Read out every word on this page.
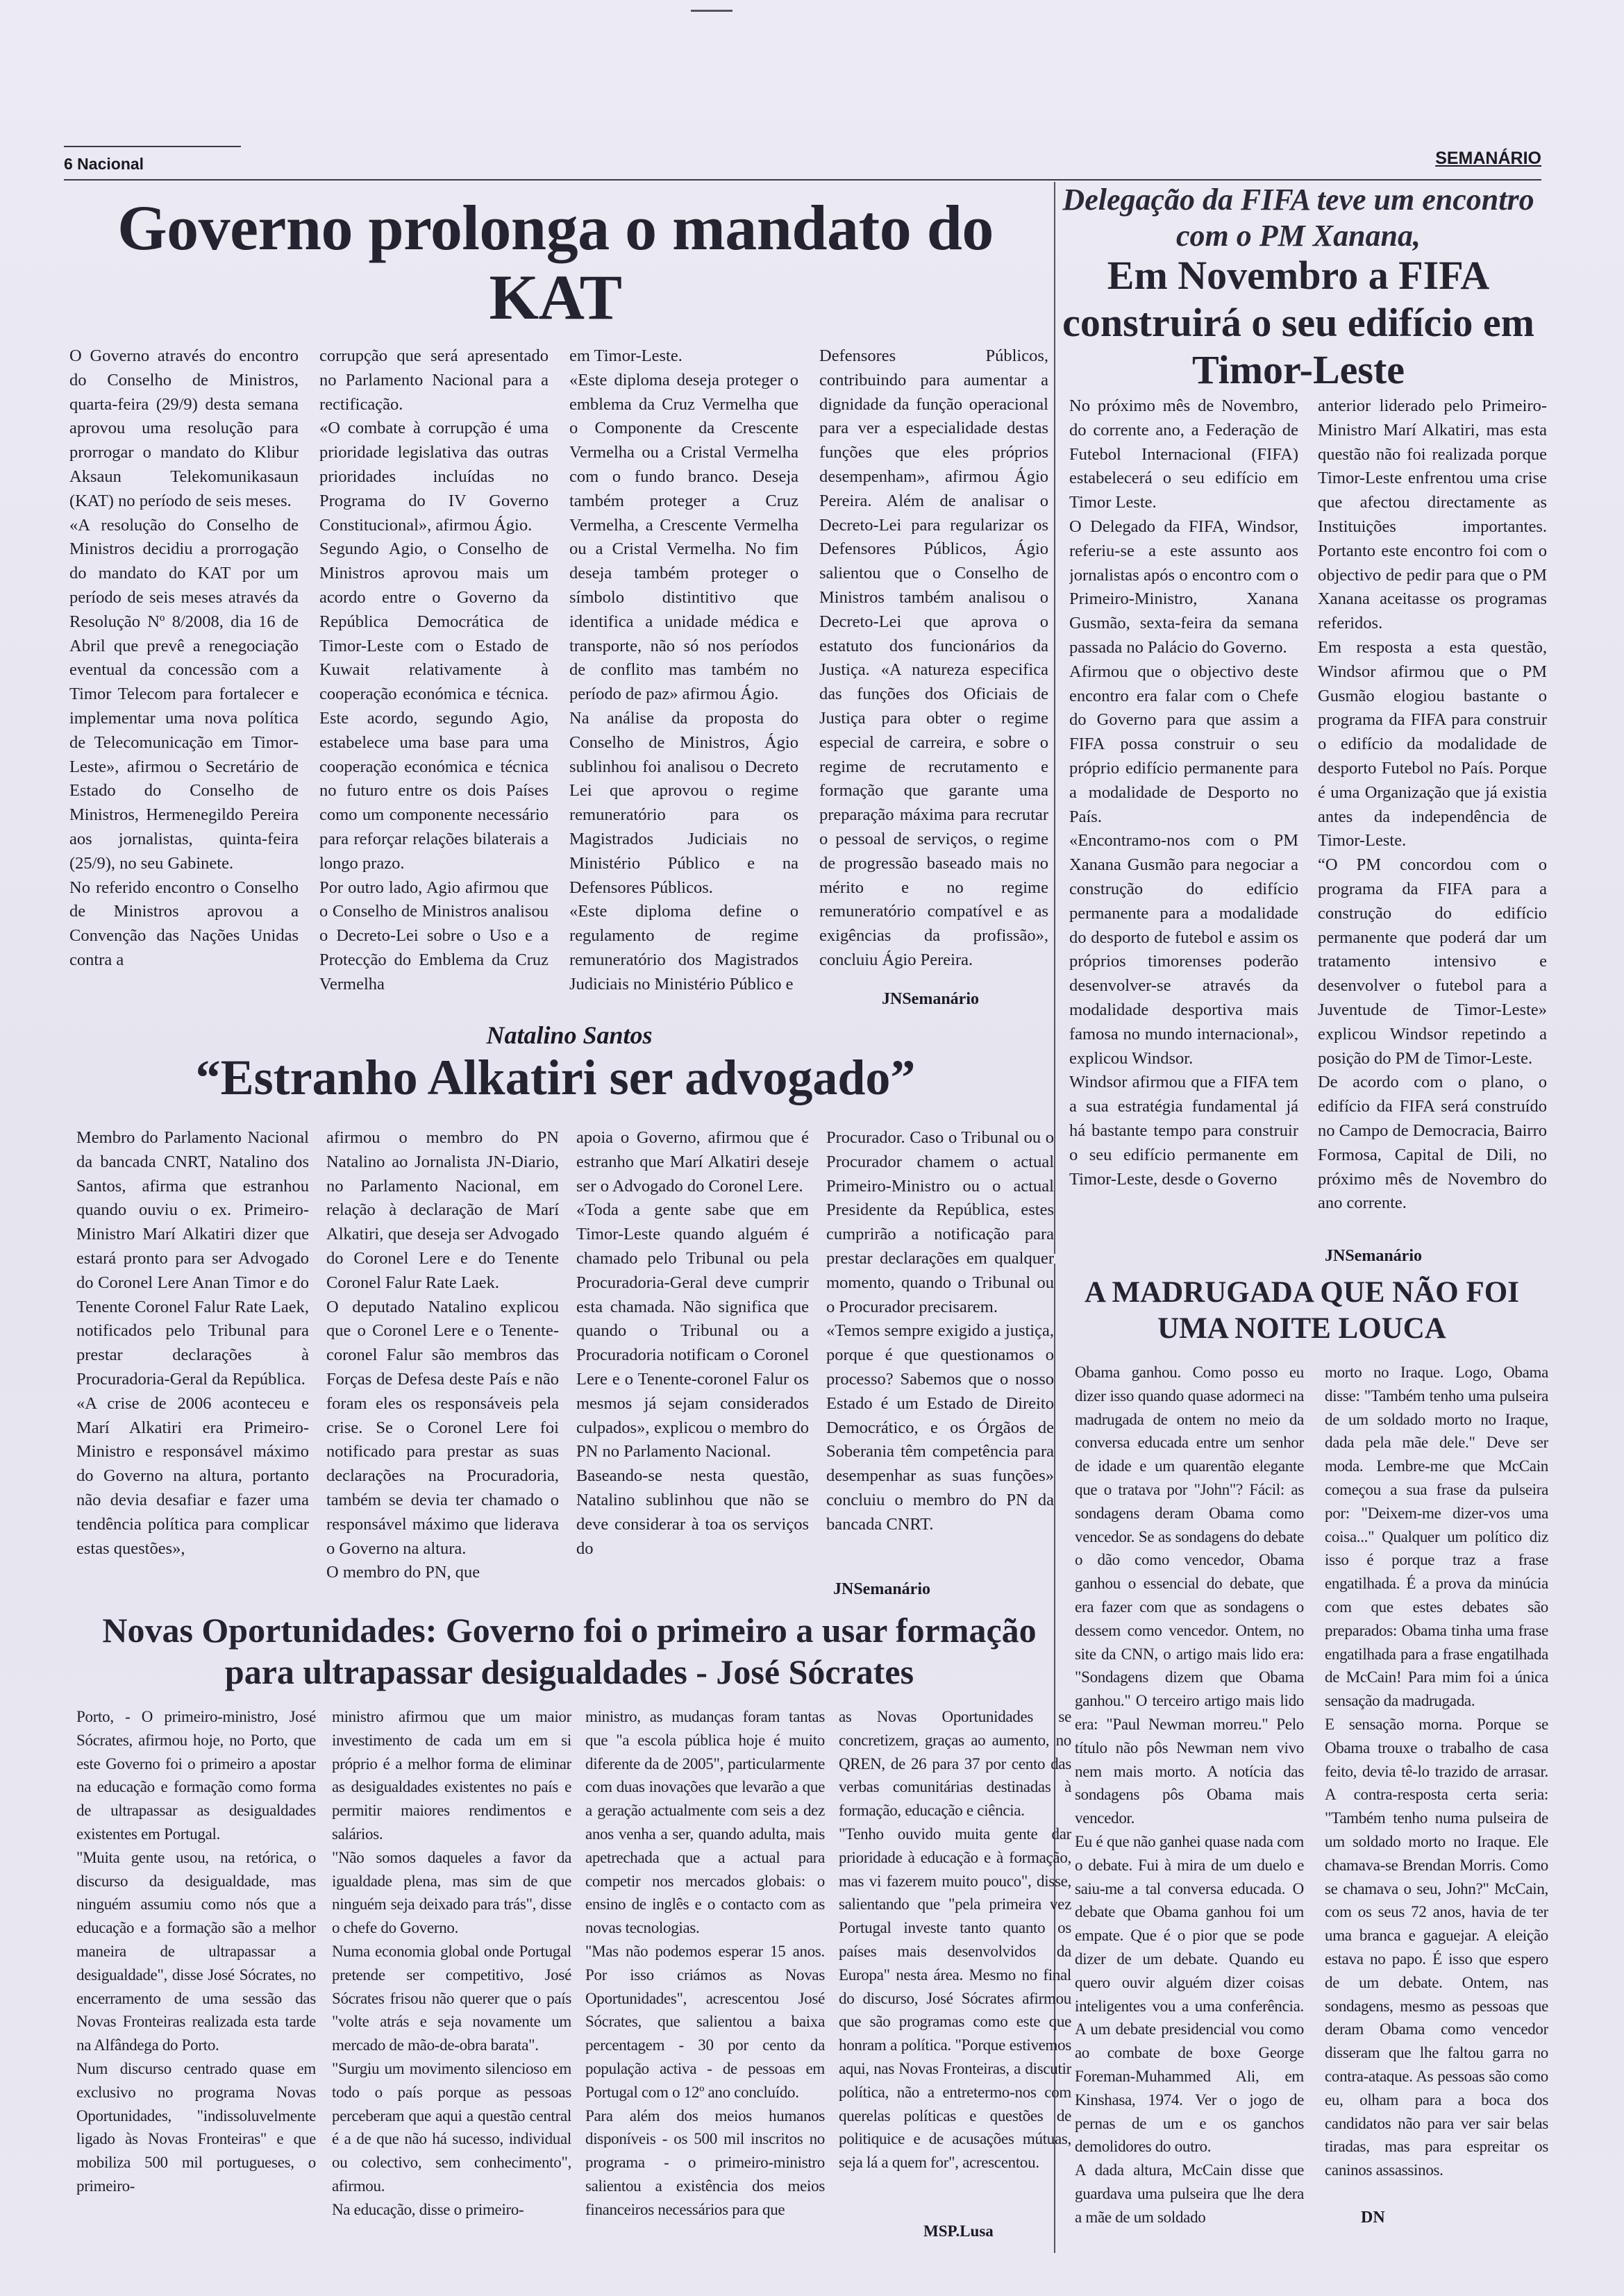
6 Nacional	SEMANÁRIO
Governo prolonga o mandato do KAT
O Governo através do encontro do Conselho de Ministros, quarta-feira (29/9) desta semana aprovou uma resolução para prorrogar o mandato do Klibur Aksaun Telekomunikasaun (KAT) no período de seis meses.
«A resolução do Conselho de Ministros decidiu a prorrogação do mandato do KAT por um período de seis meses através da Resolução Nº 8/2008, dia 16 de Abril que prevê a renegociação eventual da concessão com a Timor Telecom para fortalecer e implementar uma nova política de Telecomunicação em Timor-Leste», afirmou o Secretário de Estado do Conselho de Ministros, Hermenegildo Pereira aos jornalistas, quinta-feira (25/9), no seu Gabinete.
No referido encontro o Conselho de Ministros aprovou a Convenção das Nações Unidas contra a
corrupção que será apresentado no Parlamento Nacional para a rectificação.
«O combate à corrupção é uma prioridade legislativa das outras prioridades incluídas no Programa do IV Governo Constitucional», afirmou Ágio.
Segundo Agio, o Conselho de Ministros aprovou mais um acordo entre o Governo da República Democrática de Timor-Leste com o Estado de Kuwait relativamente à cooperação económica e técnica. Este acordo, segundo Agio, estabelece uma base para uma cooperação económica e técnica no futuro entre os dois Países como um componente necessário para reforçar relações bilaterais a longo prazo.
Por outro lado, Agio afirmou que o Conselho de Ministros analisou o Decreto-Lei sobre o Uso e a Protecção do Emblema da Cruz Vermelha
em Timor-Leste.
«Este diploma deseja proteger o emblema da Cruz Vermelha que o Componente da Crescente Vermelha ou a Cristal Vermelha com o fundo branco. Deseja também proteger a Cruz Vermelha, a Crescente Vermelha ou a Cristal Vermelha. No fim deseja também proteger o símbolo distintitivo que identifica a unidade médica e transporte, não só nos períodos de conflito mas também no período de paz» afirmou Ágio.
Na análise da proposta do Conselho de Ministros, Ágio sublinhou foi analisou o Decreto Lei que aprovou o regime remuneratório para os Magistrados Judiciais no Ministério Público e na Defensores Públicos.
«Este diploma define o regulamento de regime remuneratório dos Magistrados Judiciais no Ministério Público e
Defensores Públicos, contribuindo para aumentar a dignidade da função operacional para ver a especialidade destas funções que eles próprios desempenham», afirmou Ágio Pereira. Além de analisar o Decreto-Lei para regularizar os Defensores Públicos, Ágio salientou que o Conselho de Ministros também analisou o Decreto-Lei que aprova o estatuto dos funcionários da Justiça. «A natureza especifica das funções dos Oficiais de Justiça para obter o regime especial de carreira, e sobre o regime de recrutamento e formação que garante uma preparação máxima para recrutar o pessoal de serviços, o regime de progressão baseado mais no mérito e no regime remuneratório compatível e as exigências da profissão», concluiu Ágio Pereira.
JNSemanário
Delegação da FIFA teve um encontro com o PM Xanana,
Em Novembro a FIFA construirá o seu edifício em Timor-Leste
No próximo mês de Novembro, do corrente ano, a Federação de Futebol Internacional (FIFA) estabelecerá o seu edifício em Timor Leste.
O Delegado da FIFA, Windsor, referiu-se a este assunto aos jornalistas após o encontro com o Primeiro-Ministro, Xanana Gusmão, sexta-feira da semana passada no Palácio do Governo.
Afirmou que o objectivo deste encontro era falar com o Chefe do Governo para que assim a FIFA possa construir o seu próprio edifício permanente para a modalidade de Desporto no País.
«Encontramo-nos com o PM Xanana Gusmão para negociar a construção do edifício permanente para a modalidade do desporto de futebol e assim os próprios timorenses poderão desenvolver-se através da modalidade desportiva mais famosa no mundo internacional», explicou Windsor.
Windsor afirmou que a FIFA tem a sua estratégia fundamental já há bastante tempo para construir o seu edifício permanente em Timor-Leste, desde o Governo
anterior liderado pelo Primeiro-Ministro Marí Alkatiri, mas esta questão não foi realizada porque Timor-Leste enfrentou uma crise que afectou directamente as Instituições importantes. Portanto este encontro foi com o objectivo de pedir para que o PM Xanana aceitasse os programas referidos.
Em resposta a esta questão, Windsor afirmou que o PM Gusmão elogiou bastante o programa da FIFA para construir o edifício da modalidade de desporto Futebol no País. Porque é uma Organização que já existia antes da independência de Timor-Leste.
“O PM concordou com o programa da FIFA para a construção do edifício permanente que poderá dar um tratamento intensivo e desenvolver o futebol para a Juventude de Timor-Leste» explicou Windsor repetindo a posição do PM de Timor-Leste.
De acordo com o plano, o edifício da FIFA será construído no Campo de Democracia, Bairro Formosa, Capital de Dili, no próximo mês de Novembro do ano corrente.
JNSemanário
Natalino Santos
“Estranho Alkatiri ser advogado”
Membro do Parlamento Nacional da bancada CNRT, Natalino dos Santos, afirma que estranhou quando ouviu o ex. Primeiro-Ministro Marí Alkatiri dizer que estará pronto para ser Advogado do Coronel Lere Anan Timor e do Tenente Coronel Falur Rate Laek, notificados pelo Tribunal para prestar declarações à Procuradoria-Geral da República.
«A crise de 2006 aconteceu e Marí Alkatiri era Primeiro-Ministro e responsável máximo do Governo na altura, portanto não devia desafiar e fazer uma tendência política para complicar estas questões»,
afirmou o membro do PN Natalino ao Jornalista JN-Diario, no Parlamento Nacional, em relação à declaração de Marí Alkatiri, que deseja ser Advogado do Coronel Lere e do Tenente Coronel Falur Rate Laek.
O deputado Natalino explicou que o Coronel Lere e o Tenente-coronel Falur são membros das Forças de Defesa deste País e não foram eles os responsáveis pela crise. Se o Coronel Lere foi notificado para prestar as suas declarações na Procuradoria, também se devia ter chamado o responsável máximo que liderava o Governo na altura.
O membro do PN, que
apoia o Governo, afirmou que é estranho que Marí Alkatiri deseje ser o Advogado do Coronel Lere.
«Toda a gente sabe que em Timor-Leste quando alguém é chamado pelo Tribunal ou pela Procuradoria-Geral deve cumprir esta chamada. Não significa que quando o Tribunal ou a Procuradoria notificam o Coronel Lere e o Tenente-coronel Falur os mesmos já sejam considerados culpados», explicou o membro do PN no Parlamento Nacional.
Baseando-se nesta questão, Natalino sublinhou que não se deve considerar à toa os serviços do
Procurador. Caso o Tribunal ou o Procurador chamem o actual Primeiro-Ministro ou o actual Presidente da República, estes cumprirão a notificação para prestar declarações em qualquer momento, quando o Tribunal ou o Procurador precisarem.
«Temos sempre exigido a justiça, porque é que questionamos o processo? Sabemos que o nosso Estado é um Estado de Direito Democrático, e os Órgãos de Soberania têm competência para desempenhar as suas funções» concluiu o membro do PN da bancada CNRT.
JNSemanário
A MADRUGADA QUE NÃO FOI UMA NOITE LOUCA
Obama ganhou. Como posso eu dizer isso quando quase adormeci na madrugada de ontem no meio da conversa educada entre um senhor de idade e um quarentão elegante que o tratava por "John"? Fácil: as sondagens deram Obama como vencedor. Se as sondagens do debate o dão como vencedor, Obama ganhou o essencial do debate, que era fazer com que as sondagens o dessem como vencedor. Ontem, no site da CNN, o artigo mais lido era: "Sondagens dizem que Obama ganhou." O terceiro artigo mais lido era: "Paul Newman morreu." Pelo título não pôs Newman nem vivo nem mais morto. A notícia das sondagens pôs Obama mais vencedor.
Eu é que não ganhei quase nada com o debate. Fui à mira de um duelo e saiu-me a tal conversa educada. O debate que Obama ganhou foi um empate. Que é o pior que se pode dizer de um debate. Quando eu quero ouvir alguém dizer coisas inteligentes vou a uma conferência. A um debate presidencial vou como ao combate de boxe George Foreman-Muhammed Ali, em Kinshasa, 1974. Ver o jogo de pernas de um e os ganchos demolidores do outro.
A dada altura, McCain disse que guardava uma pulseira que lhe dera a mãe de um soldado
morto no Iraque. Logo, Obama disse: "Também tenho uma pulseira de um soldado morto no Iraque, dada pela mãe dele." Deve ser moda. Lembre-me que McCain começou a sua frase da pulseira por: "Deixem-me dizer-vos uma coisa..." Qualquer um político diz isso é porque traz a frase engatilhada. É a prova da minúcia com que estes debates são preparados: Obama tinha uma frase engatilhada para a frase engatilhada de McCain! Para mim foi a única sensação da madrugada.
E sensação morna. Porque se Obama trouxe o trabalho de casa feito, devia tê-lo trazido de arrasar. A contra-resposta certa seria: "Também tenho numa pulseira de um soldado morto no Iraque. Ele chamava-se Brendan Morris. Como se chamava o seu, John?" McCain, com os seus 72 anos, havia de ter uma branca e gaguejar. A eleição estava no papo. É isso que espero de um debate. Ontem, nas sondagens, mesmo as pessoas que deram Obama como vencedor disseram que lhe faltou garra no contra-ataque. As pessoas são como eu, olham para a boca dos candidatos não para ver sair belas tiradas, mas para espreitar os caninos assassinos.
DN
Novas Oportunidades: Governo foi o primeiro a usar formação para ultrapassar desigualdades - José Sócrates
Porto, - O primeiro-ministro, José Sócrates, afirmou hoje, no Porto, que este Governo foi o primeiro a apostar na educação e formação como forma de ultrapassar as desigualdades existentes em Portugal.
"Muita gente usou, na retórica, o discurso da desigualdade, mas ninguém assumiu como nós que a educação e a formação são a melhor maneira de ultrapassar a desigualdade", disse José Sócrates, no encerramento de uma sessão das Novas Fronteiras realizada esta tarde na Alfândega do Porto.
Num discurso centrado quase em exclusivo no programa Novas Oportunidades, "indissoluvelmente ligado às Novas Fronteiras" e que mobiliza 500 mil portugueses, o primeiro-
ministro afirmou que um maior investimento de cada um em si próprio é a melhor forma de eliminar as desigualdades existentes no país e permitir maiores rendimentos e salários.
"Não somos daqueles a favor da igualdade plena, mas sim de que ninguém seja deixado para trás", disse o chefe do Governo.
Numa economia global onde Portugal pretende ser competitivo, José Sócrates frisou não querer que o país "volte atrás e seja novamente um mercado de mão-de-obra barata".
"Surgiu um movimento silencioso em todo o país porque as pessoas perceberam que aqui a questão central é a de que não há sucesso, individual ou colectivo, sem conhecimento", afirmou.
Na educação, disse o primeiro-
ministro, as mudanças foram tantas que "a escola pública hoje é muito diferente da de 2005", particularmente com duas inovações que levarão a que a geração actualmente com seis a dez anos venha a ser, quando adulta, mais apetrechada que a actual para competir nos mercados globais: o ensino de inglês e o contacto com as novas tecnologias.
"Mas não podemos esperar 15 anos. Por isso criámos as Novas Oportunidades", acrescentou José Sócrates, que salientou a baixa percentagem - 30 por cento da população activa - de pessoas em Portugal com o 12º ano concluído.
Para além dos meios humanos disponíveis - os 500 mil inscritos no programa - o primeiro-ministro salientou a existência dos meios financeiros necessários para que
as Novas Oportunidades se concretizem, graças ao aumento, no QREN, de 26 para 37 por cento das verbas comunitárias destinadas à formação, educação e ciência.
"Tenho ouvido muita gente dar prioridade à educação e à formação, mas vi fazerem muito pouco", disse, salientando que "pela primeira vez Portugal investe tanto quanto os países mais desenvolvidos da Europa" nesta área. Mesmo no final do discurso, José Sócrates afirmou que são programas como este que honram a política. "Porque estivemos aqui, nas Novas Fronteiras, a discutir política, não a entretermo-nos com querelas políticas e questões de politiquice e de acusações mútuas, seja lá a quem for", acrescentou.
MSP.Lusa
